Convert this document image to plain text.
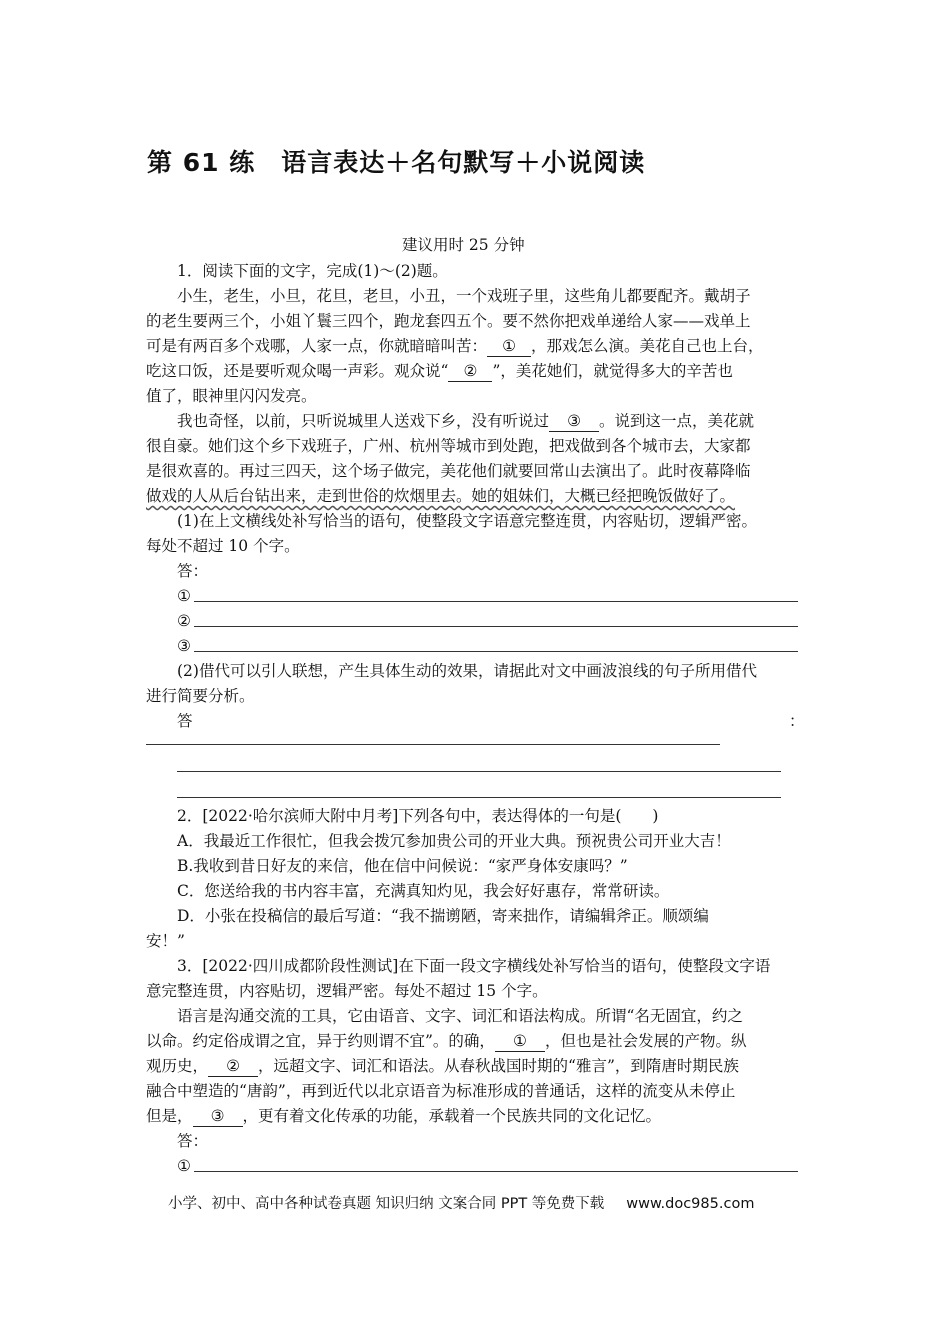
第 61 练　语言表达＋名句默写＋小说阅读
建议用时 25 分钟
1．阅读下面的文字，完成(1)～(2)题。
小生，老生，小旦，花旦，老旦，小丑，一个戏班子里，这些角儿都要配齐。戴胡子
的老生要两三个，小姐丫鬟三四个，跑龙套四五个。要不然你把戏单递给人家——戏单上
可是有两百多个戏哪，人家一点，你就暗暗叫苦： ① ，那戏怎么演。美花自己也上台，
吃这口饭，还是要听观众喝一声彩。观众说“ ② ”，美花她们，就觉得多大的辛苦也
值了，眼神里闪闪发亮。
我也奇怪，以前，只听说城里人送戏下乡，没有听说过 ③ 。说到这一点，美花就
很自豪。她们这个乡下戏班子，广州、杭州等城市到处跑，把戏做到各个城市去，大家都
是很欢喜的。再过三四天，这个场子做完，美花他们就要回常山去演出了。此时夜幕降临
做戏的人从后台钻出来，走到世俗的炊烟里去。她的姐妹们，大概已经把晚饭做好了。
(1)在上文横线处补写恰当的语句，使整段文字语意完整连贯，内容贴切，逻辑严密。
每处不超过 10 个字。
答：
①
②
③
(2)借代可以引人联想，产生具体生动的效果，请据此对文中画波浪线的句子所用借代
进行简要分析。
答	：
2．[2022·哈尔滨师大附中月考]下列各句中，表达得体的一句是(　　)
A．我最近工作很忙，但我会拨冗参加贵公司的开业大典。预祝贵公司开业大吉！
B.我收到昔日好友的来信，他在信中问候说：“家严身体安康吗？”
C．您送给我的书内容丰富，充满真知灼见，我会好好惠存，常常研读。
D．小张在投稿信的最后写道：“我不揣谫陋，寄来拙作，请编辑斧正。顺颂编
安！”
3．[2022·四川成都阶段性测试]在下面一段文字横线处补写恰当的语句，使整段文字语
意完整连贯，内容贴切，逻辑严密。每处不超过 15 个字。
语言是沟通交流的工具，它由语音、文字、词汇和语法构成。所谓“名无固宜，约之
以命。约定俗成谓之宜，异于约则谓不宜”。的确， ① ，但也是社会发展的产物。纵
观历史， ② ，远超文字、词汇和语法。从春秋战国时期的“雅言”，到隋唐时期民族
融合中塑造的“唐韵”，再到近代以北京语音为标准形成的普通话，这样的流变从未停止
但是， ③ ，更有着文化传承的功能，承载着一个民族共同的文化记忆。
答：
①
小学、初中、高中各种试卷真题 知识归纳 文案合同 PPT 等免费下载 www.doc985.com
